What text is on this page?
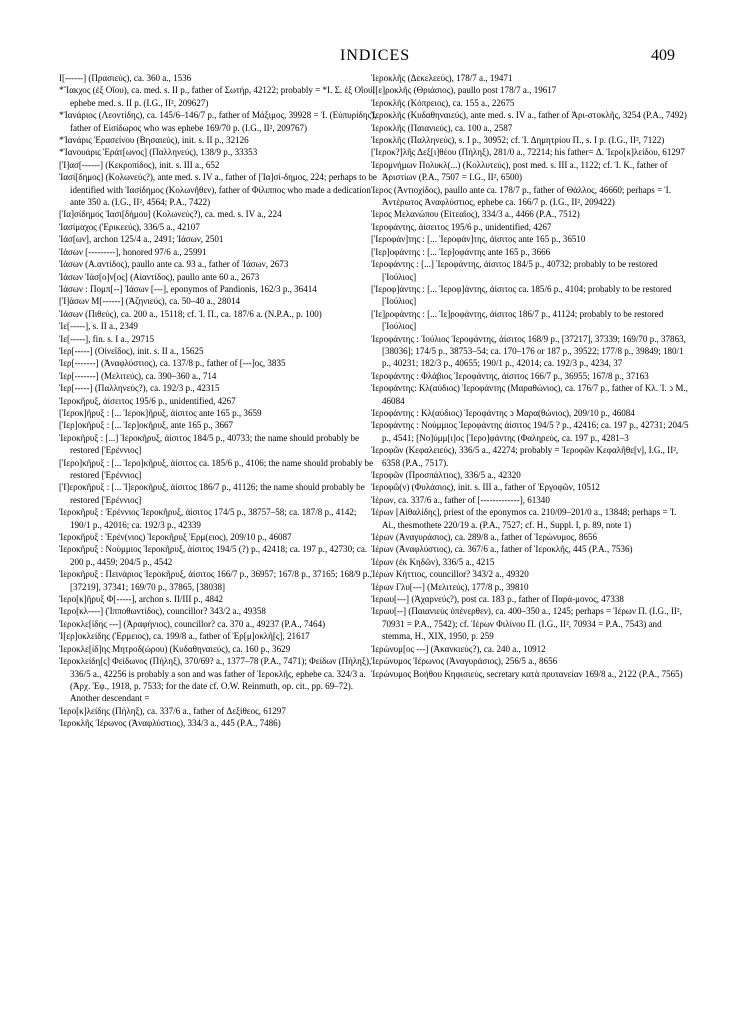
INDICES	409

I[------] (Πρασιεύς), ca. 360 a., 1536

*Ἴακχος (ἐξ Οἴου), ca. med. s. II p., father of Σωτήρ, 42122; probably = *Ι. Σ. ἐξ Οἴου, ephebe med. s. II p. (I.G., II², 209627)

*Ἰανάριος (Λεοντίδης), ca. 145/6–146/7 p., father of Μάξιμος, 39928 = Ἰ. (Εὐπυρίδης), father of Εἰσίδωρος who was ephebe 169/70 p. (I.G., II², 209767)

*Ἰανάρις Ἐρασείνου (Βησαιεύς), init. s. II p., 32126

*Ἰανουάρις Ἐράτ[ωνος] (Παλληνεύς), 138/9 p., 33353

[Ἰ]ασ[------] (Κεκροπίδος), init. s. III a., 652

Ἰασί[δημος] (Κολωνεύς?), ante med. s. IV a., father of [Ἰα]σί-δημος, 224; perhaps to be identified with Ἰασίδημος (Κολωνῆθεν), father of Φίλιππος who made a dedication ante 350 a. (I.G., II², 4564; P.A., 7422)

[Ἰα]σίδημος Ἰασι[δήμου] (Κολωνεύς?), ca. med. s. IV a., 224

Ἰασίμαχος (Ἐρικεεύς), 336/5 a., 42107

Ἰάσ[ων], archon 125/4 a., 2491; Ἰάσων, 2501

Ἰάσων [---------], honored 97/6 a., 25991

Ἰάσων (Α.αντίδος), paullo ante ca. 93 a., father of Ἰάσων, 2673

Ἰάσων Ἰάσ[ο]ν[ος] (Αἰαντίδος), paullo ante 60 a., 2673

Ἰάσων : Πομπ[--] Ἰάσων [---], eponymos of Pandionis, 162/3 p., 36414

[Ἰ]άσων Μ[------] (Ἀζηνιεύς), ca. 50–40 a., 28014

Ἰάσων (Πιθεύς), ca. 200 a., 15118; cf. Ἰ. Π., ca. 187/6 a. (N.P.A., p. 100)

Ἰε[-----], s. II a., 2349

Ἰε[-----], fin. s. I a., 29715

Ἰερ[-----] (Οἰνεΐδος), init. s. II a., 15625

Ἰερ[-------] (Ἀναφλύστιος), ca. 137/8 p., father of [---]ος, 3835

Ἰερ[-------] (Μελιτεύς), ca. 390–360 a., 714

Ἰερ[-----] (Παλληνεύς?), ca. 192/3 p., 42315

Ἱεροκῆρυξ, ἀίσειτος 195/6 p., unidentified, 4267

[Ἱεροκ]ῆρυξ : [... Ἱεροκ]ῆρυξ, ἀίσιτος ante 165 p., 3659

[Ἱερ]οκῆρυξ : [... Ἱερ]οκῆρυξ, ante 165 p., 3667

Ἱεροκῆρυξ : [...] Ἱεροκῆρυξ, ἀίσιτος 184/5 p., 40733; the name should probably be restored [Ἐρέννιος]

[Ἱερο]κῆρυξ : [... Ἱερο]κῆρυξ, ἀίσιτος ca. 185/6 p., 4106; the name should probably be restored [Ἐρέννιος]

[Ἱ]εροκῆρυξ : [... Ἱ]εροκῆρυξ, ἀίσιτος 186/7 p., 41126; the name should probably be restored [Ἐρέννιος]

Ἱεροκῆρυξ : Ἐρέννιος Ἱεροκῆρυξ, ἀίσιτος 174/5 p., 38757–58; ca. 187/8 p., 4142; 190/1 p., 42016; ca. 192/3 p., 42339

Ἱεροκῆρυξ : Ἐρέν(νιος) Ἱεροκῆρυξ Ἑρμ(ειος), 209/10 p., 46087

Ἱεροκῆρυξ : Νούμμιος Ἱεροκῆρυξ, ἀίσιτος 194/5 (?) p., 42418; ca. 197 p., 42730; ca. 200 p., 4459; 204/5 p., 4542

Ἱεροκῆρυξ : Πεινάριος Ἱεροκῆρυξ, ἀίσιτος 166/7 p., 36957; 167/8 p., 37165; 168/9 p., [37219], 37341; 169/70 p., 37865, [38038]

Ἱερο[κ]ῆρυξ Φ[-----], archon s. II/III p., 4842

Ἱερο[κλ----] (Ἱπποθωντίδος), councillor? 343/2 a., 49358

Ἱεροκλε[ίδης ---] (Ἀραφήνιος), councillor? ca. 370 a., 49237 (P.A., 7464)

Ἱ[ερ]οκλείδης (Ἑρμειος), ca. 199/8 a., father of Ἐρ[μ]οκλῆ[ς], 21617

Ἱεροκλε[ίδ]ης Μητροδ(ώρου) (Κυδαθηναιεύς), ca. 160 p., 3629

Ἱεροκλείδη[ς] Φείδωνος (Πήληξ), 370/69? a., 1377–78 (P.A., 7471); Φείδων (Πήληξ), 336/5 a., 42256 is probably a son and was father of Ἱεροκλῆς, ephebe ca. 324/3 a. (Ἀρχ. Ἐφ., 1918, p. 7533; for the date cf. O.W. Reinmuth, op. cit., pp. 69–72). Another descendant =

Ἱερο[κ]λείδης (Πήληξ), ca. 337/6 a., father of Δεξίθεος, 61297

Ἱεροκλῆς Ἱέρωνος (Ἀναφλύστιος), 334/3 a., 445 (P.A., 7486)

Ἱεροκλῆς (Δεκελεεύς), 178/7 a., 19471

Ἱ[ε]ροκλῆς (Θριάσιος), paullo post 178/7 a., 19617

Ἱεροκλῆς (Κόπρειος), ca. 155 a., 22675

Ἱεροκλῆς (Κυδαθηναιεύς), ante med. s. IV a., father of Ἀρι-στοκλῆς, 3254 (P.A., 7492)

Ἱεροκλῆς (Παιανιεύς), ca. 100 a., 2587

Ἱεροκλῆς (Παλληνεύς), s. I p., 30952; cf. Ἱ. Δημητρίου Π., s. I p. (I.G., II², 7122)

[Ἱεροκ?]λῆς Δεξ[ι]θέου (Πήληξ), 281/0 a., 72214; his father= Δ. Ἱερο[κ]λείδου, 61297

Ἱερομνήμων Πολυκλ(...) (Κολλυτεύς), post med. s. III a., 1122; cf. Ἱ. Κ., father of Ἀριστίων (P.A., 7507 = I.G., II², 6500)

Ἱερος (Ἀντιοχίδος), paullo ante ca. 178/7 p., father of Θάλλος, 46660; perhaps = Ἱ. Ἀντέρωτος Ἀναφλύστιος, ephebe ca. 166/7 p. (I.G., II², 209422)

Ἱερος Μελανώπου (Εἰτεαῖος), 334/3 a., 4466 (P.A., 7512)

Ἱεροφάντης, ἀίσειτος 195/6 p., unidentified, 4267

[Ἱεροφάν]της : [... Ἱεροφάν]της, ἀίσιτος ante 165 p., 36510

[Ἱερ]οφάντης : [... Ἱερ]οφάντης ante 165 p., 3666

Ἱεροφάντης : [...] Ἱεροφάντης, ἀίσιτος 184/5 p., 40732; probably to be restored [Ἰούλιος]

[Ἱεροφ]άντης : [... Ἱεροφ]άντης, ἀίσιτος ca. 185/6 p., 4104; probably to be restored [Ἰούλιος]

[Ἱε]ροφάντης : [... Ἱε]ροφάντης, ἀίσιτος 186/7 p., 41124; probably to be restored [Ἰούλιος]

Ἱεροφάντης : Ἰούλιος Ἱεροφάντης, ἀίσιτος 168/9 p., [37217], 37339; 169/70 p., 37863, [38036]; 174/5 p., 38753–54; ca. 170–176 or 187 p., 39522; 177/8 p., 39849; 180/1 p., 40231; 182/3 p., 40655; 190/1 p., 42014; ca. 192/3 p., 4234, 37

Ἱεροφάντης : Φλάβιος Ἱεροφάντης, ἀίσιτος 166/7 p., 36955; 167/8 p., 37163

Ἱεροφάντης: Κλ(αύδιος) Ἱεροφάντης (Μαραθώνιος), ca. 176/7 p., father of Κλ. Ἱ. ͻ Μ., 46084

Ἱεροφάντης : Κλ(αύδιος) Ἱεροφάντης ͻ Μαρα(θώνιος), 209/10 p., 46084

Ἱεροφάντης : Νούμμιος Ἱεροφάντης ἀίσιτος 194/5 ? p., 42416; ca. 197 p., 42731; 204/5 p., 4541; [Νο]ύμμ[ι]ος [Ἱερο]φάντης (Φαληρεύς, ca. 197 p., 4281–3

Ἱεροφῶν (Κεφαλειεύς), 336/5 a., 42274; probably = Ἱεροφῶν Κεφαλῆθε[ν], I.G., II², 6358 (P.A., 7517).

Ἱεροφῶν (Προσπάλτιος), 336/5 a., 42320

Ἱεροφῶ(ν) (Φυλάσιος), init. s. III a., father of Ἐργοφῶν, 10512

Ἱέρων, ca. 337/6 a., father of [-------------], 61340

Ἱέρων [Αἰθαλίδης], priest of the eponymos ca. 210/09–201/0 a., 13848; perhaps = Ἱ. Αἰ., thesmothete 220/19 a. (P.A., 7527; cf. H., Suppl. I, p. 89, note 1)

Ἱέρων (Ἀναγυράσιος), ca. 289/8 a., father of Ἱερώνυμος, 8656

Ἱέρων (Ἀναφλύστιος), ca. 367/6 a., father of Ἱεροκλῆς, 445 (P.A., 7536)

Ἱέρων (ἐκ Κηδῶν), 336/5 a., 4215

Ἱέρων Κήττιος, councillor? 343/2 a., 49320

Ἱέρων Γλυ[---] (Μελιτεύς), 177/8 p., 39810

Ἱερωυ[---] (Ἀχαρνεύς?), post ca. 183 p., father of Παρά-μονος, 47338

Ἱερωυ[--] (Παιανιεὺς ὑπένερθεν), ca. 400–350 a., 1245; perhaps = Ἱέρων Π. (I.G., II², 70931 = P.A., 7542); cf. Ἱέρων Φιλίνου Π. (I.G., II², 70934 = P.A., 7543) and stemma, H., XIX, 1950, p. 259

Ἱερώνυμ[ος ---] (Ἀκανκιεύς?), ca. 240 a., 10912

Ἱερώνυμος Ἱέρωνος (Ἀναγυράσιος), 256/5 a., 8656

Ἱερώνυμος Βοήθου Κηφισιεύς, secretary κατὰ πρυτανείαν 169/8 a., 2122 (P.A., 7565)
